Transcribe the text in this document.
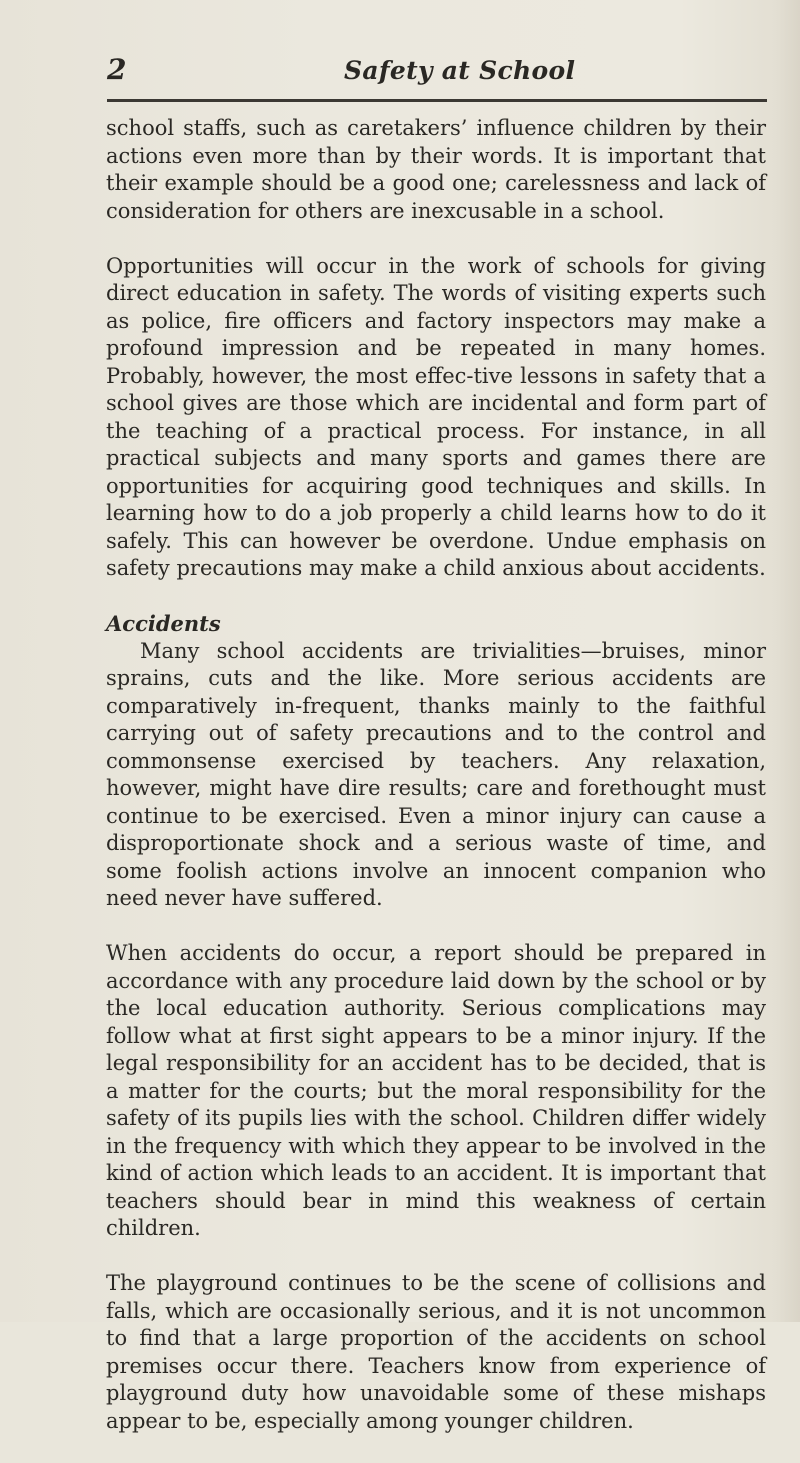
2	Safety at School

school staffs, such as caretakers’ influence children by their actions even more than by their words. It is important that their example should be a good one; carelessness and lack of consideration for others are inexcusable in a school.

Opportunities will occur in the work of schools for giving direct education in safety. The words of visiting experts such as police, fire officers and factory inspectors may make a profound impression and be repeated in many homes. Probably, however, the most effec-tive lessons in safety that a school gives are those which are incidental and form part of the teaching of a practical process. For instance, in all practical subjects and many sports and games there are opportunities for acquiring good techniques and skills. In learning how to do a job properly a child learns how to do it safely. This can however be overdone. Undue emphasis on safety precautions may make a child anxious about accidents.

Accidents

Many school accidents are trivialities—bruises, minor sprains, cuts and the like. More serious accidents are comparatively in-frequent, thanks mainly to the faithful carrying out of safety precautions and to the control and commonsense exercised by teachers. Any relaxation, however, might have dire results; care and forethought must continue to be exercised. Even a minor injury can cause a disproportionate shock and a serious waste of time, and some foolish actions involve an innocent companion who need never have suffered.

When accidents do occur, a report should be prepared in accordance with any procedure laid down by the school or by the local education authority. Serious complications may follow what at first sight appears to be a minor injury. If the legal responsibility for an accident has to be decided, that is a matter for the courts; but the moral responsibility for the safety of its pupils lies with the school. Children differ widely in the frequency with which they appear to be involved in the kind of action which leads to an accident. It is important that teachers should bear in mind this weakness of certain children.

The playground continues to be the scene of collisions and falls, which are occasionally serious, and it is not uncommon to find that a large proportion of the accidents on school premises occur there. Teachers know from experience of playground duty how unavoidable some of these mishaps appear to be, especially among younger children.
